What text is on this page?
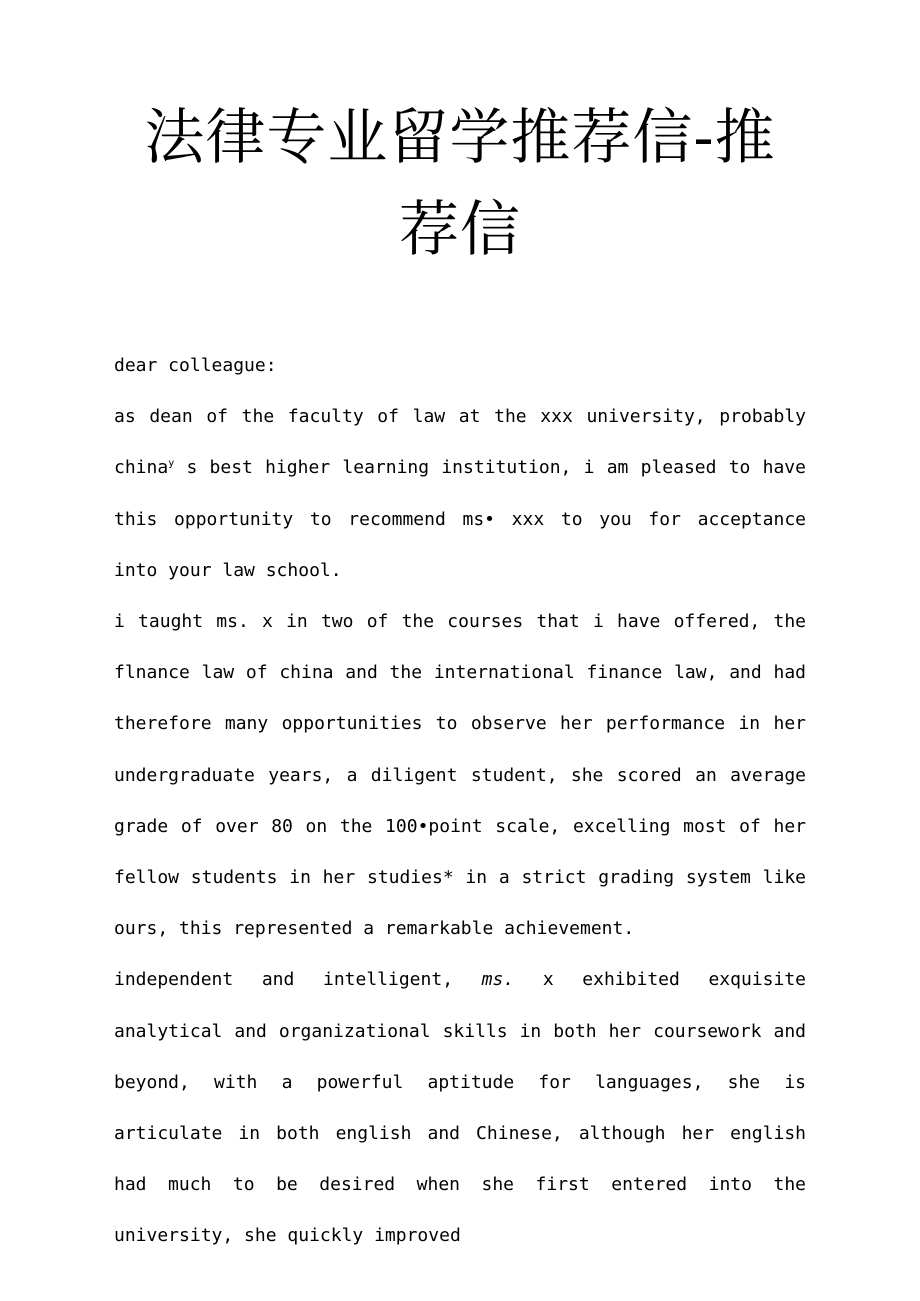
法律专业留学推荐信-推荐信

dear colleague:

as dean of the faculty of law at the xxx university, probably china$^y$ s best higher learning institution, i am pleased to have this opportunity to recommend ms• xxx to you for acceptance into your law school.

i taught ms. x in two of the courses that i have offered, the flnance law of china and the international finance law, and had therefore many opportunities to observe her performance in her undergraduate years, a diligent student, she scored an average grade of over 80 on the 100•point scale, excelling most of her fellow students in her studies* in a strict grading system like ours, this represented a remarkable achievement.

independent and intelligent, ms. x exhibited exquisite analytical and organizational skills in both her coursework and beyond, with a powerful aptitude for languages, she is articulate in both english and Chinese, although her english had much to be desired when she first entered into the university, she quickly improved
